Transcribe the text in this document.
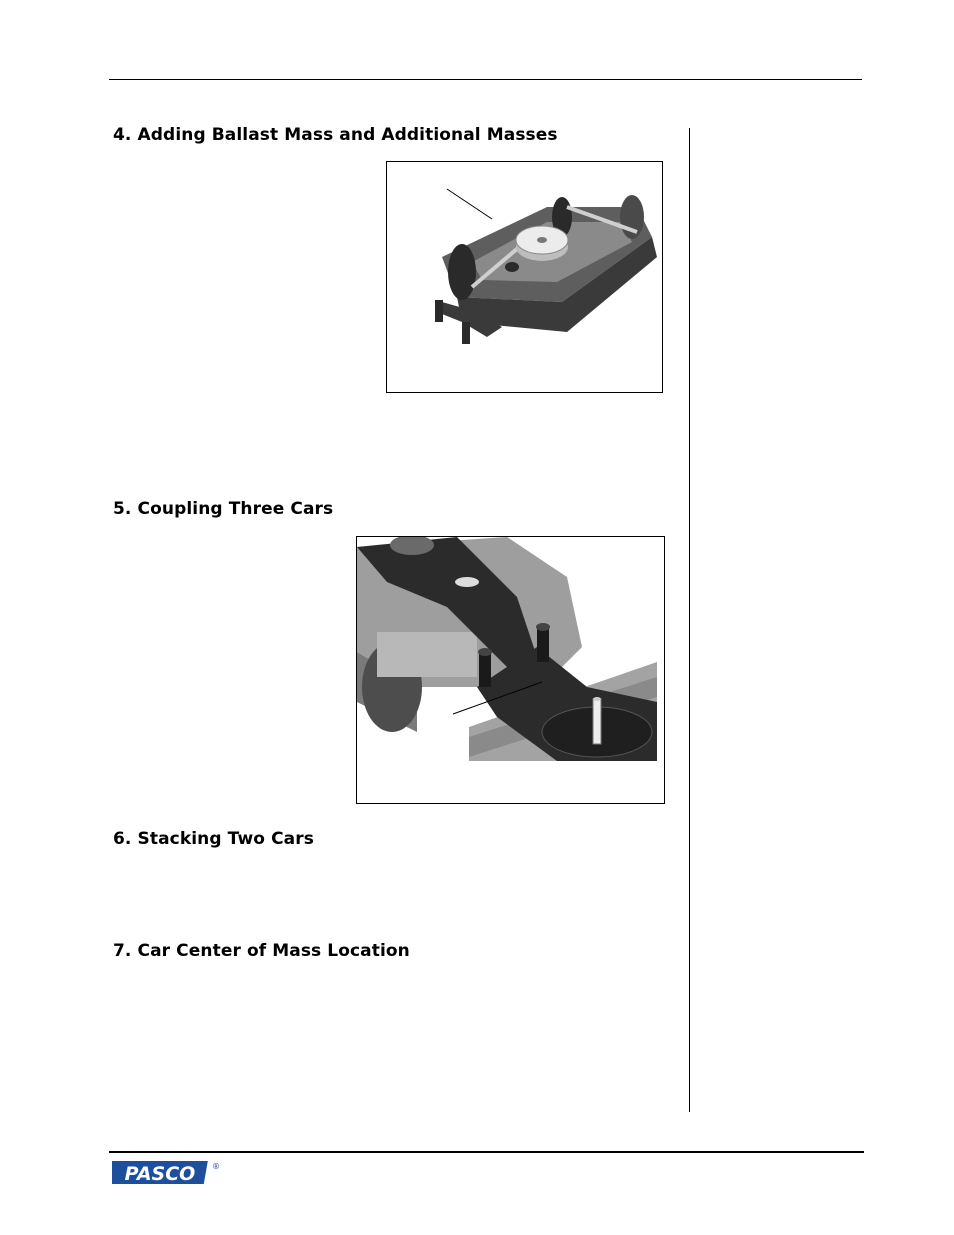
4. Adding Ballast Mass and Additional Masses
5. Coupling Three Cars
6. Stacking Two Cars
7. Car Center of Mass Location
PASCO ®
